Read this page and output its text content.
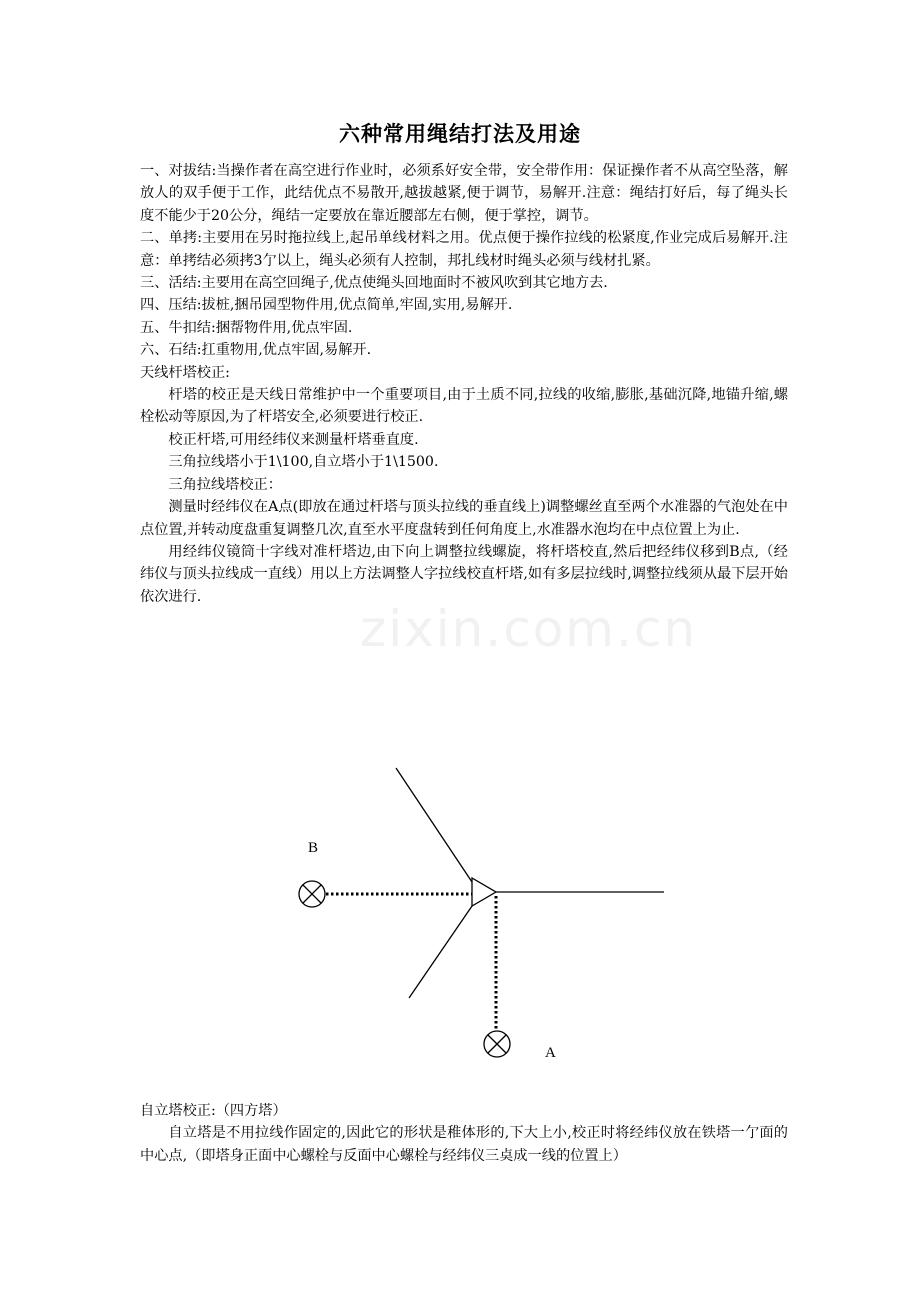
zixin.com.cn
六种常用绳结打法及用途

一、对拔结:当操作者在高空进行作业时，必须系好安全带，安全带作用：保证操作者不从高空坠落，解放人的双手便于工作，此结优点不易散开,越拔越紧,便于调节，易解开.注意：绳结打好后，每了绳头长度不能少于20公分，绳结一定要放在靠近腰部左右侧，便于掌控，调节。

二、单拷:主要用在另时拖拉线上,起吊单线材料之用。优点便于操作拉线的松紧度,作业完成后易解开.注意：单拷结必须拷3亇以上，绳头必须有人控制，邦扎线材时绳头必须与线材扎紧。

三、活结:主要用在高空回绳子,优点使绳头回地面时不被风吹到其它地方去.

四、压结:拔桩,捆吊园型物件用,优点简单,牢固,实用,易解开.

五、牛扣结:捆帮物件用,优点牢固.

六、石结:扛重物用,优点牢固,易解开.

天线杆塔校正:

杆塔的校正是天线日常维护中一个重要项目,由于土质不同,拉线的收缩,膨胀,基础沉降,地锚升缩,螺栓松动等原因,为了杆塔安全,必须要进行校正.

校正杆塔,可用经纬仪来测量杆塔垂直度.

三角拉线塔小于1\100,自立塔小于1\1500.

三角拉线塔校正：

测量时经纬仪在A点(即放在通过杆塔与顶头拉线的垂直线上)调整螺丝直至两个水准器的气泡处在中点位置,并转动度盘重复调整几次,直至水平度盘转到任何角度上,水准器水泡均在中点位置上为止.

用经纬仪镜筒十字线对准杆塔边,由下向上调整拉线螺旋，将杆塔校直,然后把经纬仪移到B点,（经纬仪与顶头拉线成一直线）用以上方法调整人字拉线校直杆塔,如有多层拉线时,调整拉线须从最下层开始依次进行.

B
A

自立塔校正:（四方塔）

自立塔是不用拉线作固定的,因此它的形状是稚体形的,下大上小,校正时将经纬仪放在铁塔一亇面的中心点,（即塔身正面中心螺栓与反面中心螺栓与经纬仪三奌成一线的位置上）
